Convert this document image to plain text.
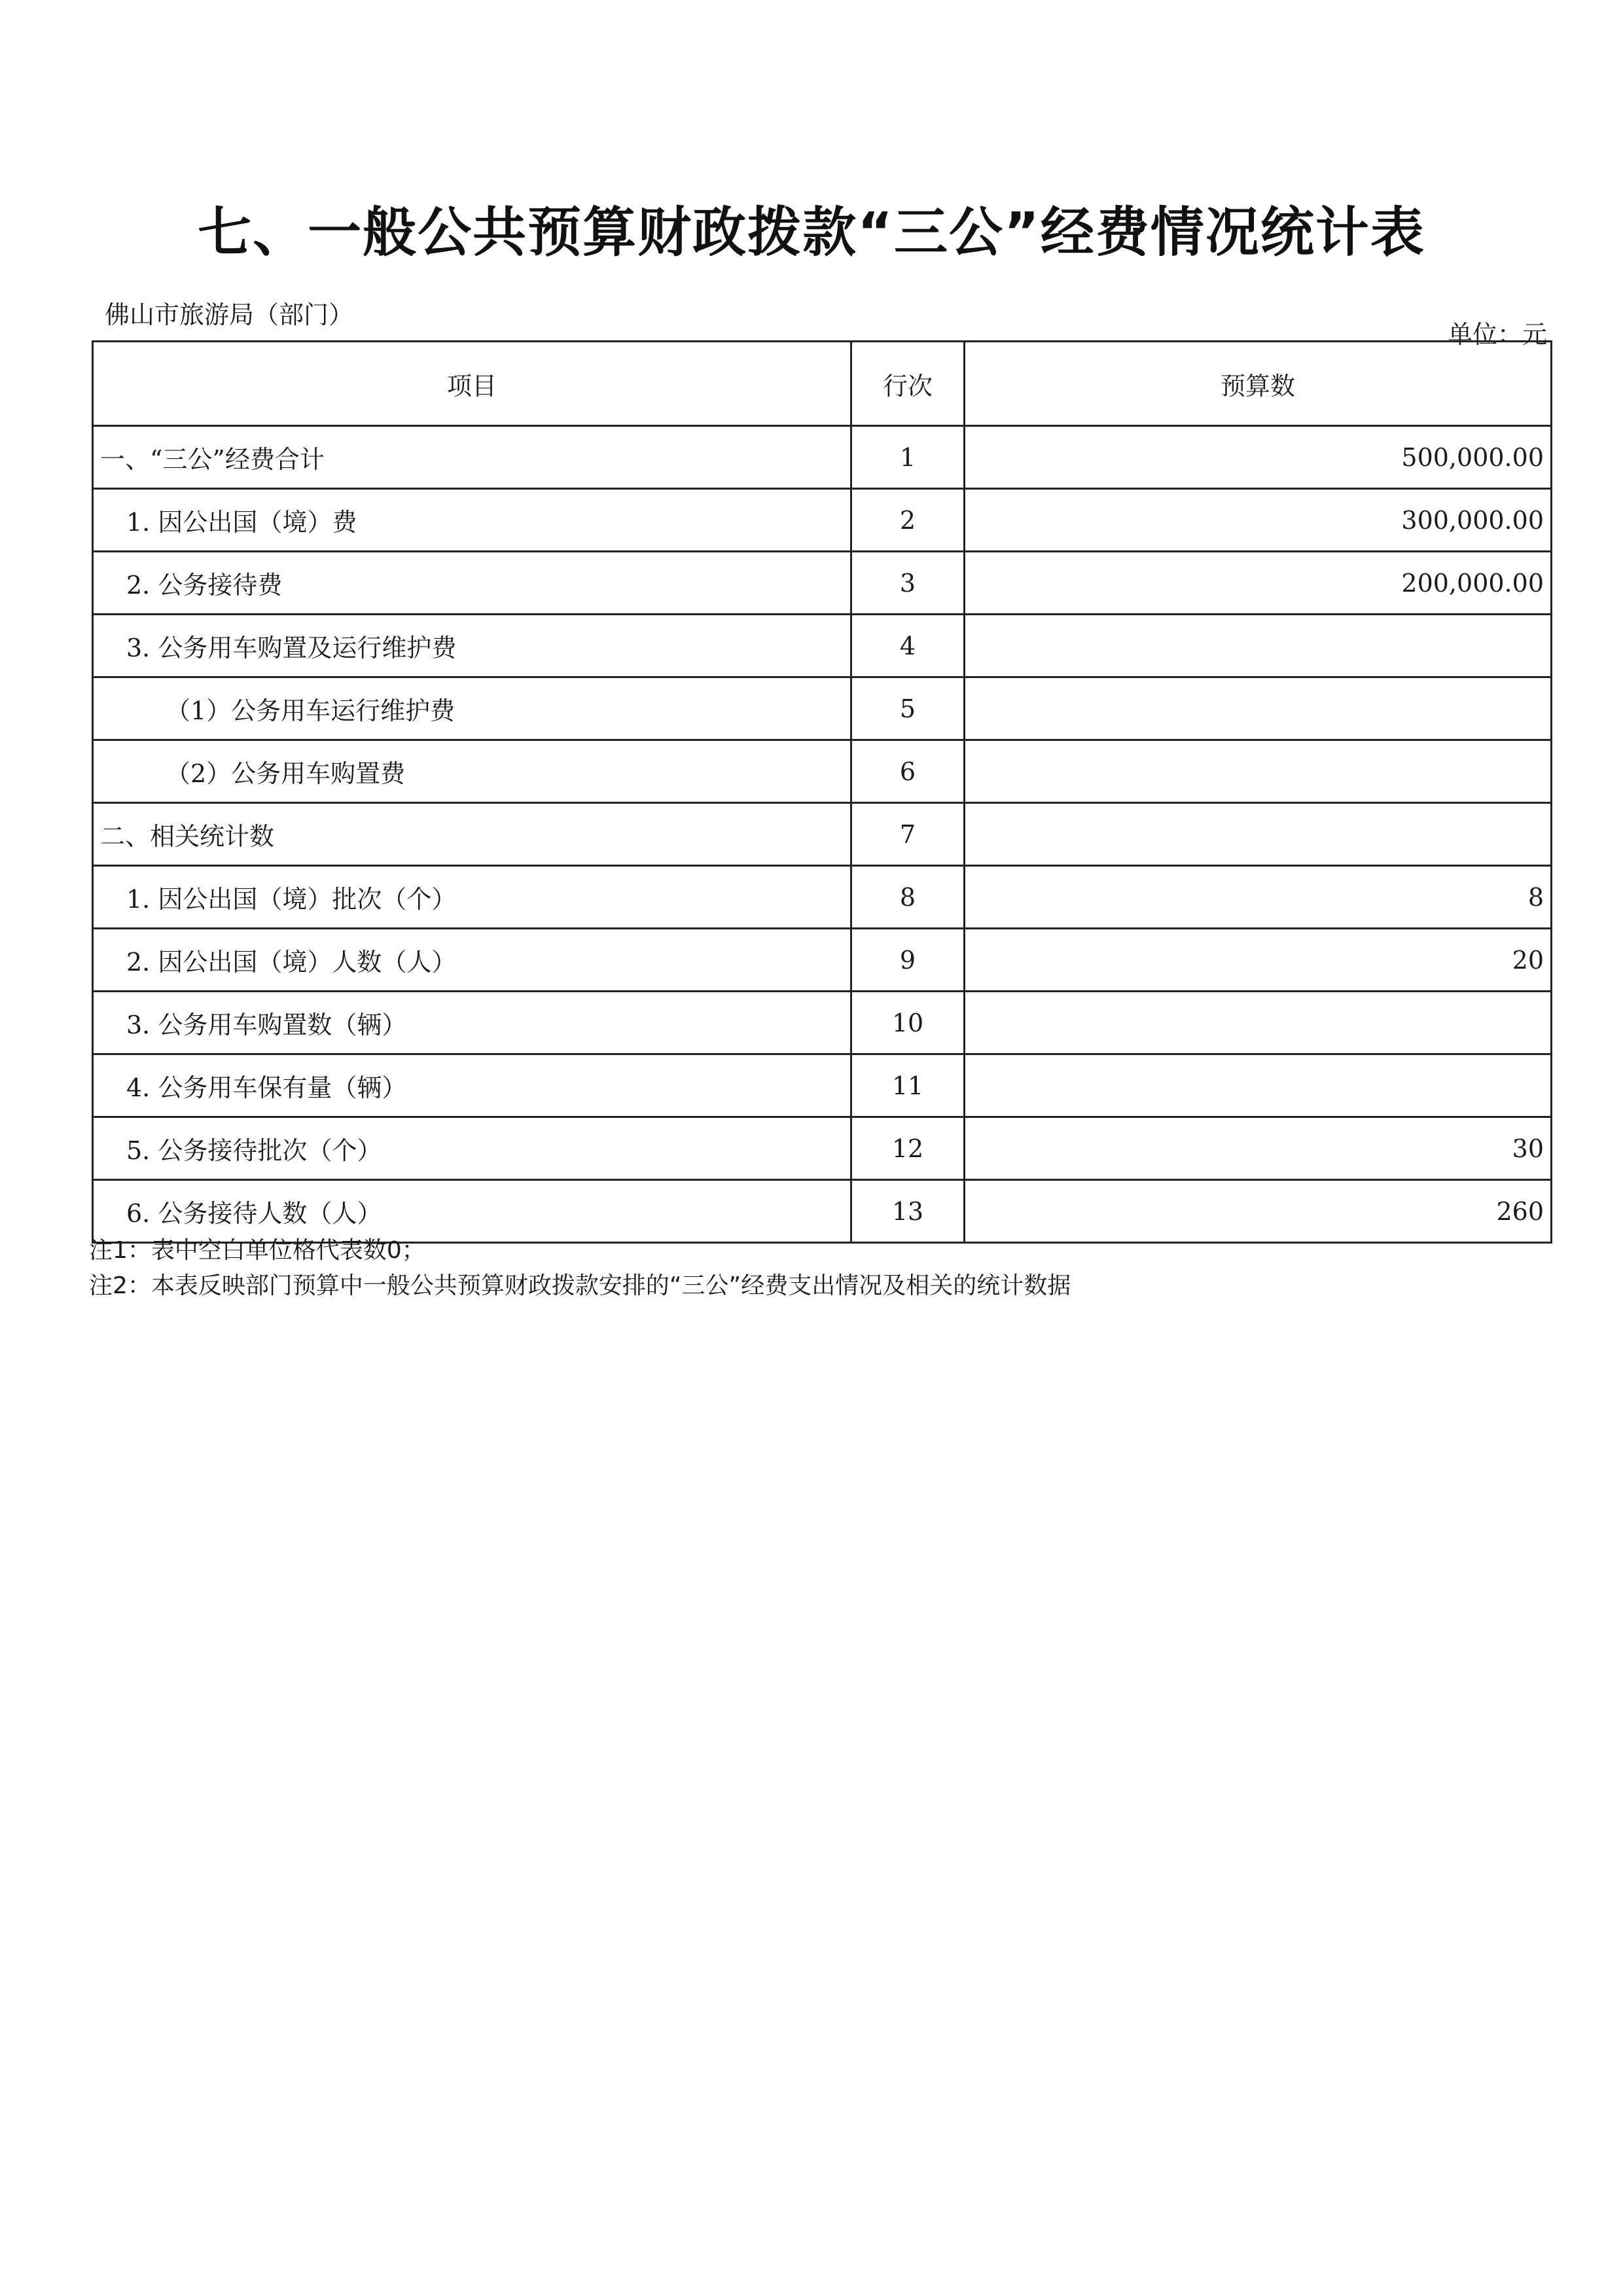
七、一般公共预算财政拨款“三公”经费情况统计表
佛山市旅游局（部门）
单位：元
项目	行次	预算数
一、“三公”经费合计	1	500,000.00
1. 因公出国（境）费	2	300,000.00
2. 公务接待费	3	200,000.00
3. 公务用车购置及运行维护费	4	
（1）公务用车运行维护费	5	
（2）公务用车购置费	6	
二、相关统计数	7	
1. 因公出国（境）批次（个）	8	8
2. 因公出国（境）人数（人）	9	20
3. 公务用车购置数（辆）	10	
4. 公务用车保有量（辆）	11	
5. 公务接待批次（个）	12	30
6. 公务接待人数（人）	13	260
注1：表中空白单位格代表数0；
注2：本表反映部门预算中一般公共预算财政拨款安排的“三公”经费支出情况及相关的统计数据
